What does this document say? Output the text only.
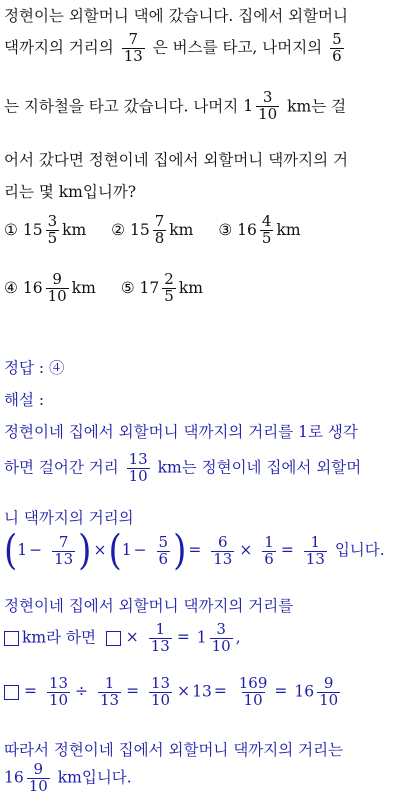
정현이는 외할머니 댁에 갔습니다. 집에서 외할머니
댁까지의 거리의 $\frac{7}{13}$ 은 버스를 타고, 나머지의 $\frac{5}{6}$
는 지하철을 타고 갔습니다. 나머지 $1 \frac{3}{10}$ km는 걸
어서 갔다면 정현이네 집에서 외할머니 댁까지의 거
리는 몇 km입니까?
①
$15 \frac{3}{5}$ km
②
$15 \frac{7}{8}$ km
③
$16 \frac{4}{5}$ km
④
$16 \frac{9}{10}$ km
⑤
$17 \frac{2}{5}$ km
정답 : ④
해설 :
정현이네 집에서 외할머니 댁까지의 거리를 1로 생각
하면 걸어간 거리 $\frac{13}{10}$ km는 정현이네 집에서 외할머
니 댁까지의 거리의
($1 - \frac{7}{13}$ ) $\times(1 - \frac{5}{6}$ ) = $\frac{6}{13} \times \frac{1}{6} = \frac{1}{13}$ 입니다.
정현이네 집에서 외할머니 댁까지의 거리를
km라 하면 × $\frac{1}{13} = 1 \frac{3}{10}$ ,
= $\frac{13}{10} \div \frac{1}{13} = \frac{13}{10} \times 13 = \frac{169}{10} = 16 \frac{9}{10}$
따라서 정현이네 집에서 외할머니 댁까지의 거리는
$16 \frac{9}{10}$ km입니다.
